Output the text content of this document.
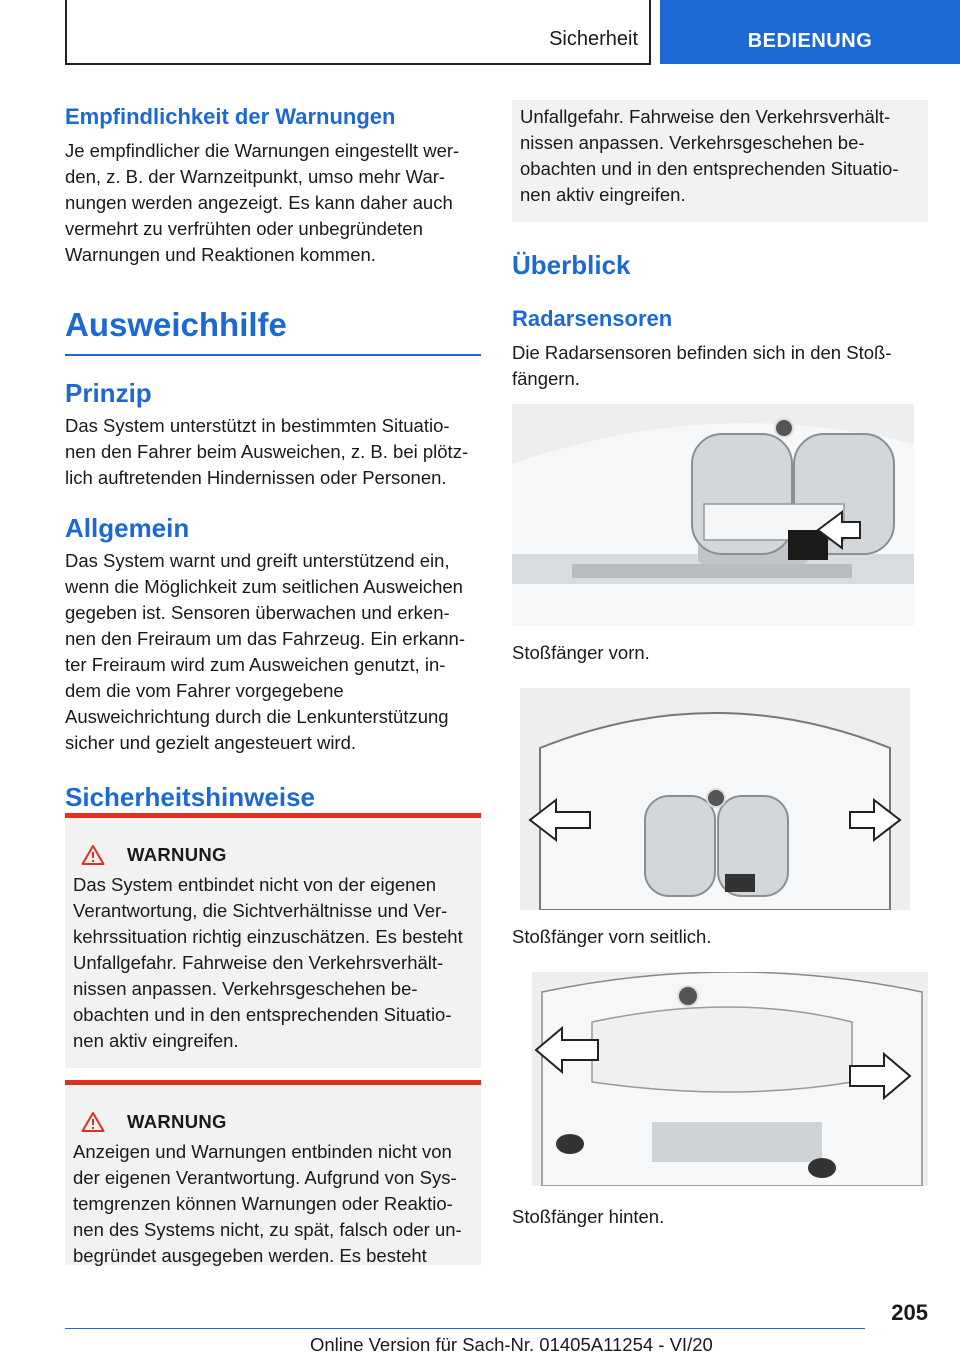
Sicherheit	BEDIENUNG
Empfindlichkeit der Warnungen

Je empfindlicher die Warnungen eingestellt wer-

den, z. B. der Warnzeitpunkt, umso mehr War-

nungen werden angezeigt. Es kann daher auch

vermehrt zu verfrühten oder unbegründeten

Warnungen und Reaktionen kommen.

Ausweichhilfe
Prinzip

Das System unterstützt in bestimmten Situatio-

nen den Fahrer beim Ausweichen, z. B. bei plötz-

lich auftretenden Hindernissen oder Personen.

Allgemein

Das System warnt und greift unterstützend ein,

wenn die Möglichkeit zum seitlichen Ausweichen

gegeben ist. Sensoren überwachen und erken-

nen den Freiraum um das Fahrzeug. Ein erkann-

ter Freiraum wird zum Ausweichen genutzt, in-

dem die vom Fahrer vorgegebene

Ausweichrichtung durch die Lenkunterstützung

sicher und gezielt angesteuert wird.

Sicherheitshinweise
WARNUNG

Das System entbindet nicht von der eigenen

Verantwortung, die Sichtverhältnisse und Ver-

kehrssituation richtig einzuschätzen. Es besteht

Unfallgefahr. Fahrweise den Verkehrsverhält-

nissen anpassen. Verkehrsgeschehen be-

obachten und in den entsprechenden Situatio-

nen aktiv eingreifen.

WARNUNG

Anzeigen und Warnungen entbinden nicht von

der eigenen Verantwortung. Aufgrund von Sys-

temgrenzen können Warnungen oder Reaktio-

nen des Systems nicht, zu spät, falsch oder un-

begründet ausgegeben werden. Es besteht

Unfallgefahr. Fahrweise den Verkehrsverhält-

nissen anpassen. Verkehrsgeschehen be-

obachten und in den entsprechenden Situatio-

nen aktiv eingreifen.

Überblick
Radarsensoren

Die Radarsensoren befinden sich in den Stoß-

fängern.

Stoßfänger vorn.
Stoßfänger vorn seitlich.
Stoßfänger hinten.
205
Online Version für Sach-Nr. 01405A11254 - VI/20
